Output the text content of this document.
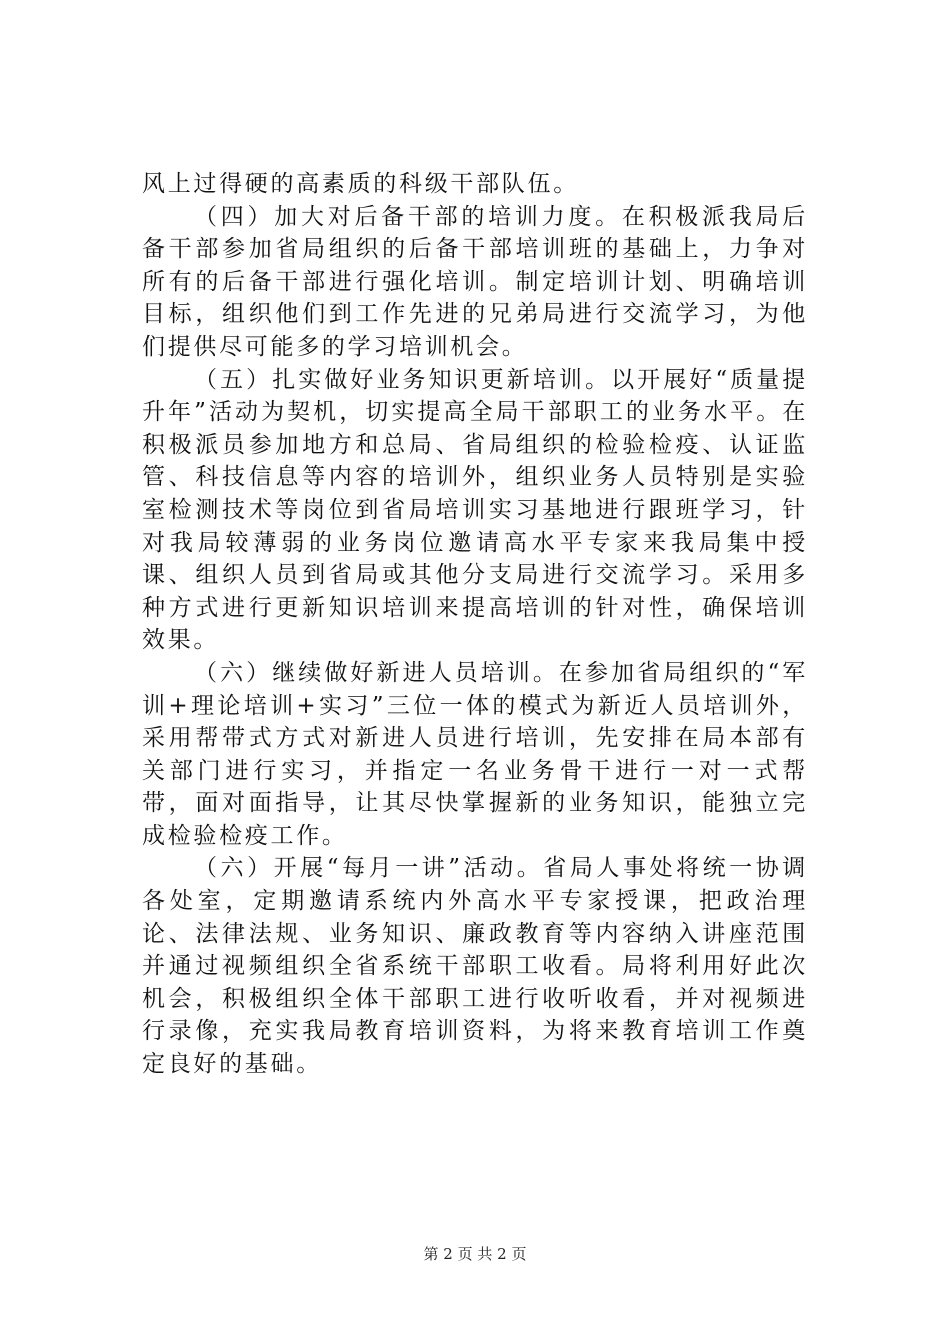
风上过得硬的高素质的科级干部队伍。

（四）加大对后备干部的培训力度。在积极派我局后备干部参加省局组织的后备干部培训班的基础上，力争对所有的后备干部进行强化培训。制定培训计划、明确培训目标，组织他们到工作先进的兄弟局进行交流学习，为他们提供尽可能多的学习培训机会。

（五）扎实做好业务知识更新培训。以开展好“质量提升年”活动为契机，切实提高全局干部职工的业务水平。在积极派员参加地方和总局、省局组织的检验检疫、认证监管、科技信息等内容的培训外，组织业务人员特别是实验室检测技术等岗位到省局培训实习基地进行跟班学习，针对我局较薄弱的业务岗位邀请高水平专家来我局集中授课、组织人员到省局或其他分支局进行交流学习。采用多种方式进行更新知识培训来提高培训的针对性，确保培训效果。

（六）继续做好新进人员培训。在参加省局组织的“军训+理论培训+实习”三位一体的模式为新近人员培训外，采用帮带式方式对新进人员进行培训，先安排在局本部有关部门进行实习，并指定一名业务骨干进行一对一式帮带，面对面指导，让其尽快掌握新的业务知识，能独立完成检验检疫工作。

（六）开展“每月一讲”活动。省局人事处将统一协调各处室，定期邀请系统内外高水平专家授课，把政治理论、法律法规、业务知识、廉政教育等内容纳入讲座范围并通过视频组织全省系统干部职工收看。局将利用好此次机会，积极组织全体干部职工进行收听收看，并对视频进行录像，充实我局教育培训资料，为将来教育培训工作奠定良好的基础。

第 2 页 共 2 页
